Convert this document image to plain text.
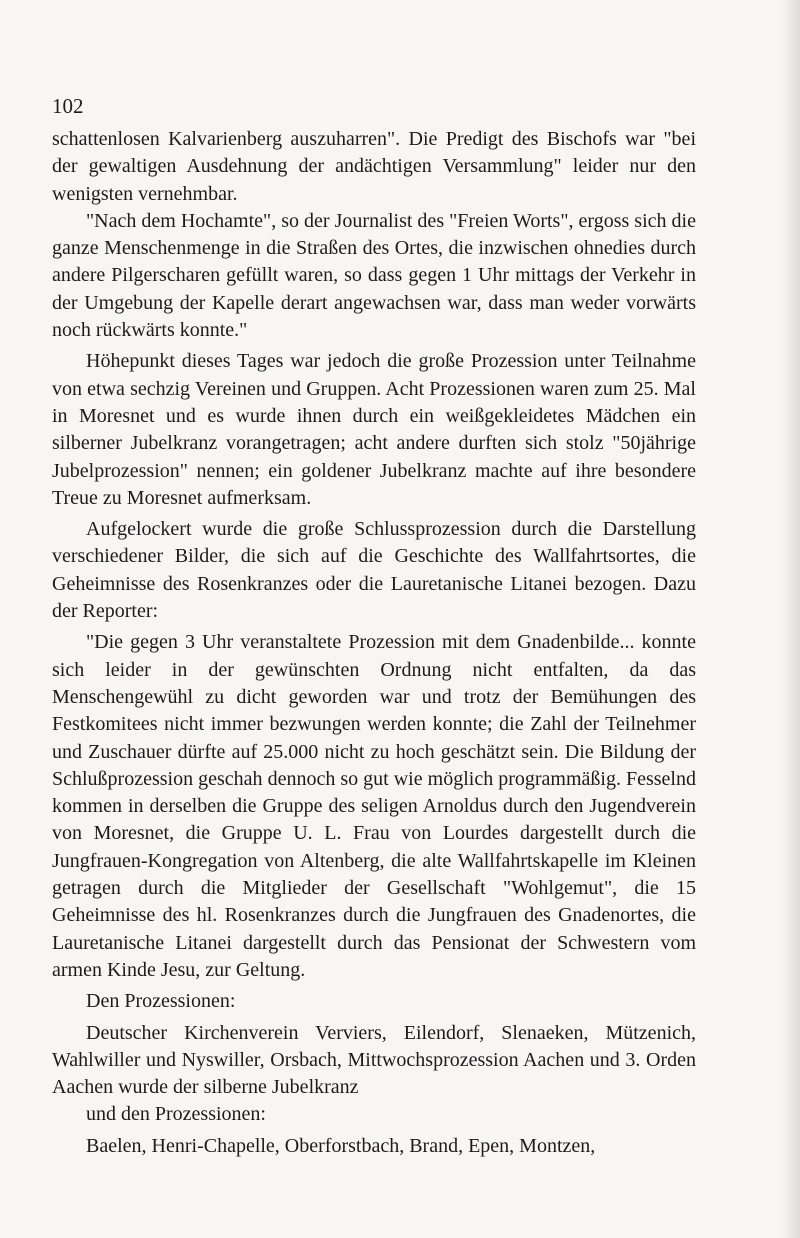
102

schattenlosen Kalvarienberg auszuharren". Die Predigt des Bischofs war "bei der gewaltigen Ausdehnung der andächtigen Versammlung" leider nur den wenigsten vernehmbar.

"Nach dem Hochamte", so der Journalist des "Freien Worts", ergoss sich die ganze Menschenmenge in die Straßen des Ortes, die inzwischen ohnedies durch andere Pilgerscharen gefüllt waren, so dass gegen 1 Uhr mittags der Verkehr in der Umgebung der Kapelle derart angewachsen war, dass man weder vorwärts noch rückwärts konnte."

Höhepunkt dieses Tages war jedoch die große Prozession unter Teilnahme von etwa sechzig Vereinen und Gruppen. Acht Prozessionen waren zum 25. Mal in Moresnet und es wurde ihnen durch ein weißgekleidetes Mädchen ein silberner Jubelkranz vorangetragen; acht andere durften sich stolz "50jährige Jubelprozession" nennen; ein goldener Jubelkranz machte auf ihre besondere Treue zu Moresnet aufmerksam.

Aufgelockert wurde die große Schlussprozession durch die Darstellung verschiedener Bilder, die sich auf die Geschichte des Wallfahrtsortes, die Geheimnisse des Rosenkranzes oder die Lauretanische Litanei bezogen. Dazu der Reporter:

"Die gegen 3 Uhr veranstaltete Prozession mit dem Gnadenbilde... konnte sich leider in der gewünschten Ordnung nicht entfalten, da das Menschengewühl zu dicht geworden war und trotz der Bemühungen des Festkomitees nicht immer bezwungen werden konnte; die Zahl der Teilnehmer und Zuschauer dürfte auf 25.000 nicht zu hoch geschätzt sein. Die Bildung der Schlußprozession geschah dennoch so gut wie möglich programmäßig. Fesselnd kommen in derselben die Gruppe des seligen Arnoldus durch den Jugendverein von Moresnet, die Gruppe U. L. Frau von Lourdes dargestellt durch die Jungfrauen-Kongregation von Altenberg, die alte Wallfahrtskapelle im Kleinen getragen durch die Mitglieder der Gesellschaft "Wohlgemut", die 15 Geheimnisse des hl. Rosenkranzes durch die Jungfrauen des Gnadenortes, die Lauretanische Litanei dargestellt durch das Pensionat der Schwestern vom armen Kinde Jesu, zur Geltung.

Den Prozessionen:

Deutscher Kirchenverein Verviers, Eilendorf, Slenaeken, Mützenich, Wahlwiller und Nyswiller, Orsbach, Mittwochsprozession Aachen und 3. Orden Aachen wurde der silberne Jubelkranz

und den Prozessionen:

Baelen, Henri-Chapelle, Oberforstbach, Brand, Epen, Montzen,
